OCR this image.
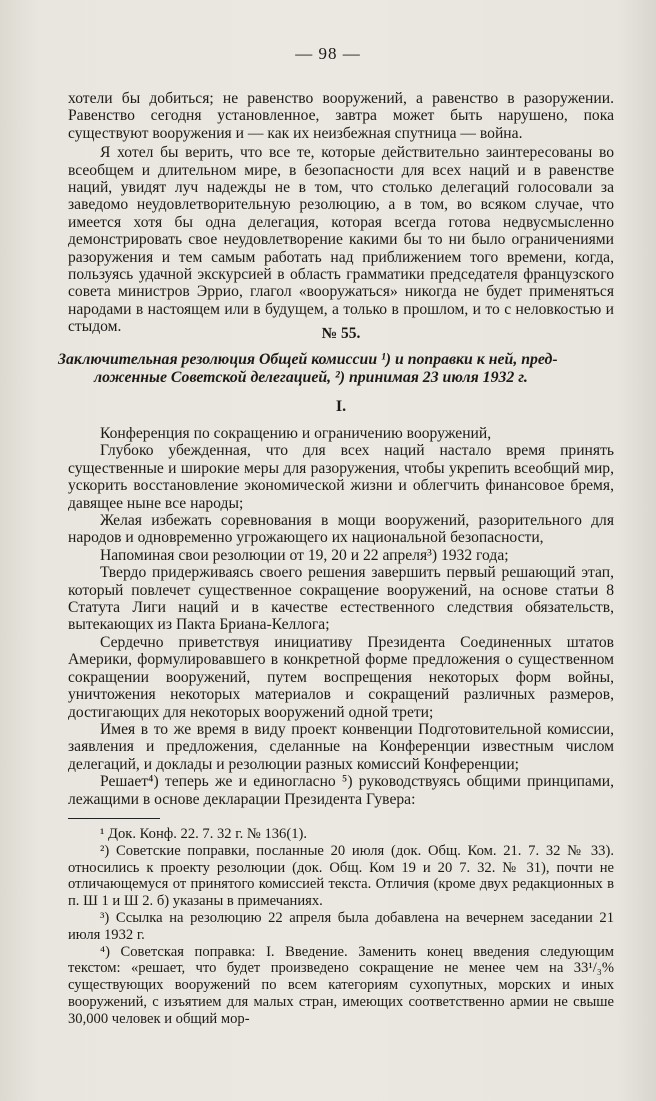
— 98 —

хотели бы добиться; не равенство вооружений, а равенство в разоружении. Равенство сегодня установленное, завтра может быть нарушено, пока существуют вооружения и — как их неизбежная спутница — война.

Я хотел бы верить, что все те, которые действительно заинтересованы во всеобщем и длительном мире, в безопасности для всех наций и в равенстве наций, увидят луч надежды не в том, что столько делегаций голосовали за заведомо неудовлетворительную резолюцию, а в том, во всяком случае, что имеется хотя бы одна делегация, которая всегда готова недвусмысленно демонстрировать свое неудовлетворение какими бы то ни было ограничениями разоружения и тем самым работать над приближением того времени, когда, пользуясь удачной экскурсией в область грамматики председателя французского совета министров Эррио, глагол «вооружаться» никогда не будет применяться народами в настоящем или в будущем, а только в прошлом, и то с неловкостью и стыдом.	№ 55.

Заключительная резолюция Общей комиссии ¹) и поправки к ней, пред-
ложенные Советской делегацией, ²) принимая 23 июля 1932 г.

I.

Конференция по сокращению и ограничению вооружений,

Глубоко убежденная, что для всех наций настало время принять существенные и широкие меры для разоружения, чтобы укрепить всеобщий мир, ускорить восстановление экономической жизни и облегчить финансовое бремя, давящее ныне все народы;

Желая избежать соревнования в мощи вооружений, разорительного для народов и одновременно угрожающего их национальной безопасности,

Напоминая свои резолюции от 19, 20 и 22 апреля³) 1932 года;

Твердо придерживаясь своего решения завершить первый решающий этап, который повлечет существенное сокращение вооружений, на основе статьи 8 Статута Лиги наций и в качестве естественного следствия обязательств, вытекающих из Пакта Бриана-Келлога;

Сердечно приветствуя инициативу Президента Соединенных штатов Америки, формулировавшего в конкретной форме предложения о существенном сокращении вооружений, путем воспрещения некоторых форм войны, уничтожения некоторых материалов и сокращений различных размеров, достигающих для некоторых вооружений одной трети;

Имея в то же время в виду проект конвенции Подготовительной комиссии, заявления и предложения, сделанные на Конференции известным числом делегаций, и доклады и резолюции разных комиссий Конференции;

Решает⁴) теперь же и единогласно ⁵) руководствуясь общими принципами, лежащими в основе декларации Президента Гувера:

¹ Док. Конф. 22. 7. 32 г. № 136(1).

²) Советские поправки, посланные 20 июля (док. Общ. Ком. 21. 7. 32 № 33). относились к проекту резолюции (док. Общ. Ком 19 и 20 7. 32. № 31), почти не отличающемуся от принятого комиссией текста. Отличия (кроме двух редакционных в п. Ш 1 и Ш 2. б) указаны в примечаниях.

³) Ссылка на резолюцию 22 апреля была добавлена на вечернем заседании 21 июля 1932 г.

⁴) Советская поправка: I. Введение. Заменить конец введения следующим текстом: «решает, что будет произведено сокращение не менее чем на 33¹/₃% существующих вооружений по всем категориям сухопутных, морских и иных вооружений, с изъятием для малых стран, имеющих соответственно армии не свыше 30,000 человек и общий мор-
